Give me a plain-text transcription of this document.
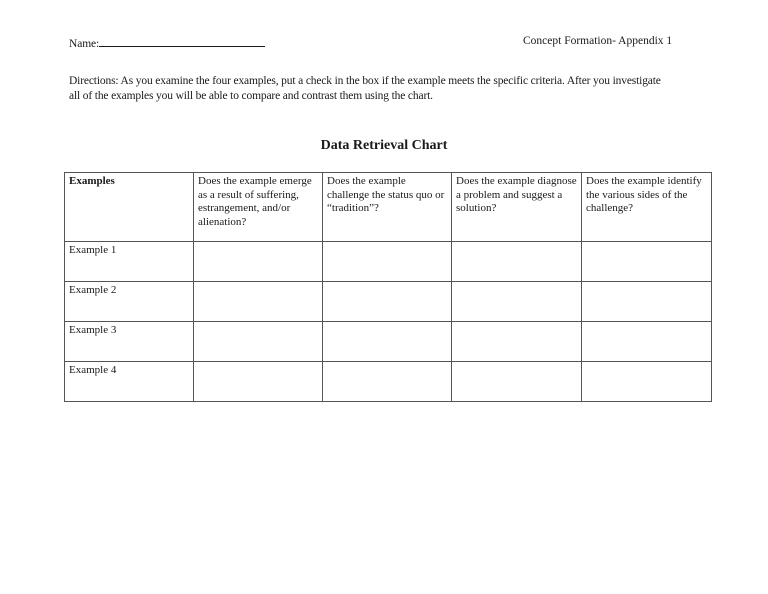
Name:	Concept Formation- Appendix 1
Directions: As you examine the four examples, put a check in the box if the example meets the specific criteria. After you investigate
all of the examples you will be able to compare and contrast them using the chart.
Data Retrieval Chart
Examples	Does the example emerge as a result of suffering, estrangement, and/or alienation?	Does the example challenge the status quo or “tradition”?	Does the example diagnose a problem and suggest a solution?	Does the example identify the various sides of the challenge?
Example 1				
Example 2				
Example 3				
Example 4				
